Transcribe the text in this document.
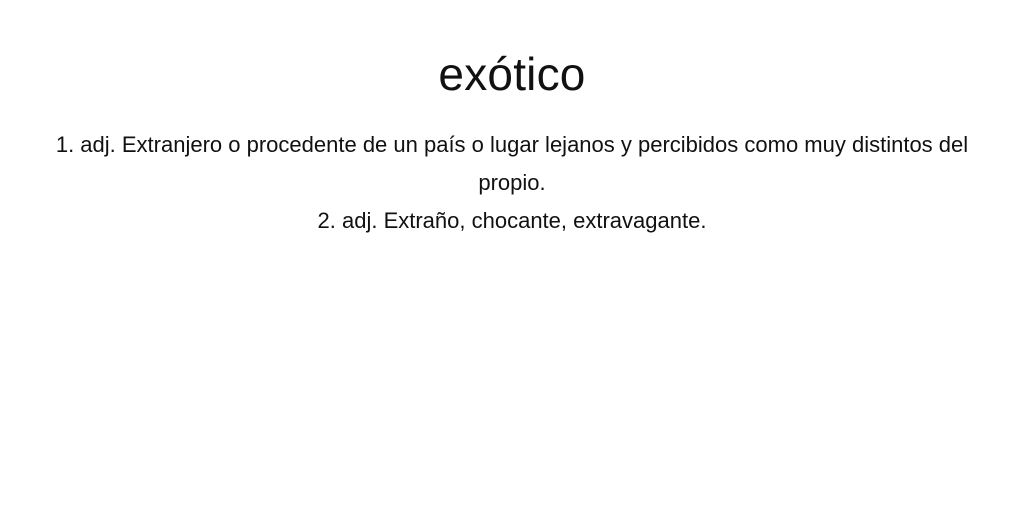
exótico
1. adj. Extranjero o procedente de un país o lugar lejanos y percibidos como muy distintos del propio.
2. adj. Extraño, chocante, extravagante.
